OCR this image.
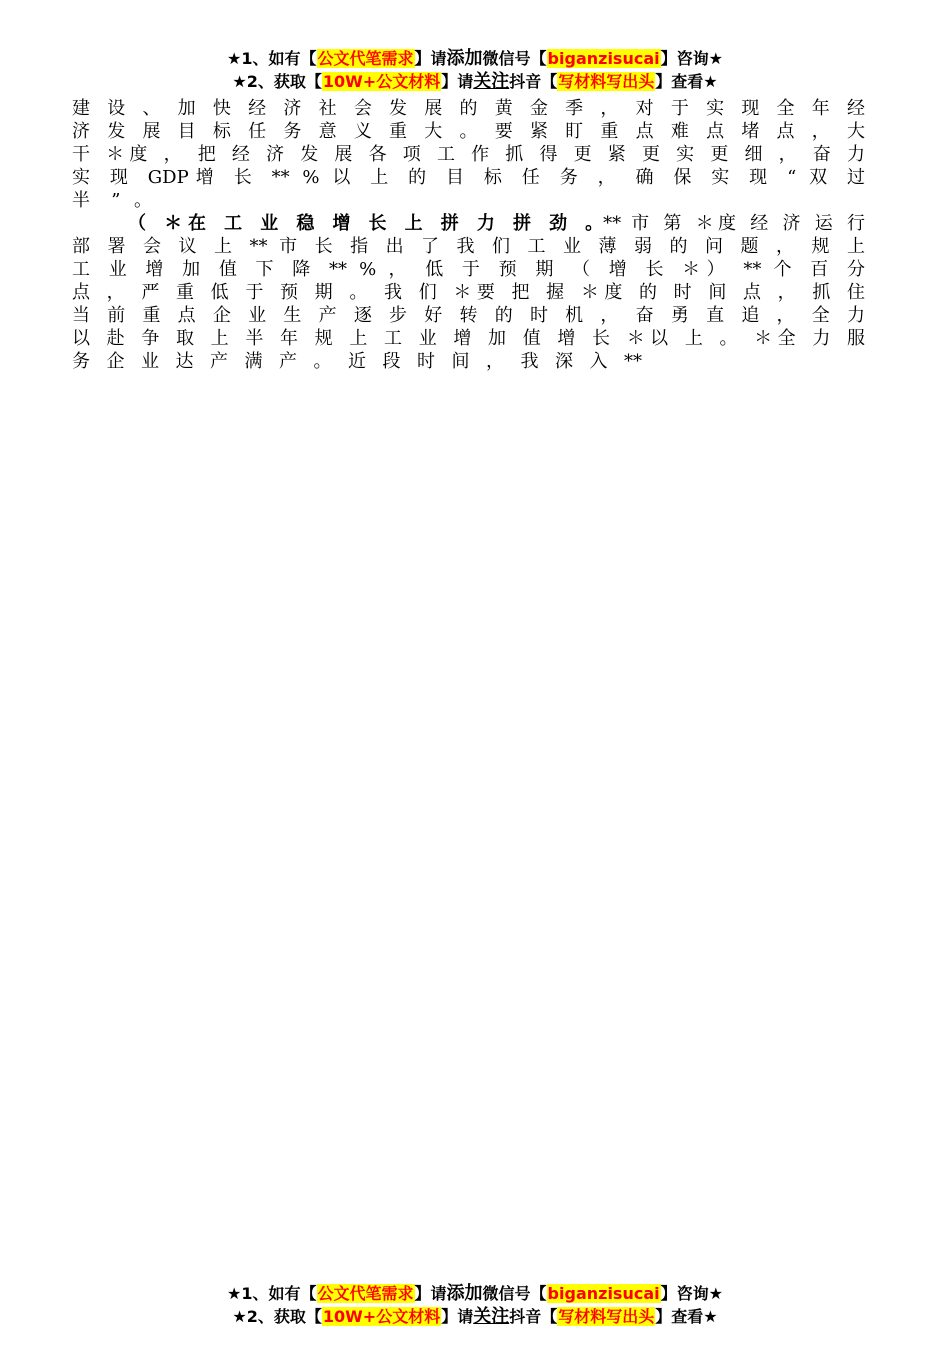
★1、如有【公文代笔需求】请添加微信号【biganzisucai】咨询★
★2、获取【10W+公文材料】请关注抖音【写材料写出头】查看★
建 设 、 加 快 经 济 社 会 发 展 的 黄 金 季 ， 对 于 实 现 全 年 经
济 发 展 目 标 任 务 意 义 重 大 。 要 紧 盯 重 点 难 点 堵 点 ， 大
干 ＊度 ， 把 经 济 发 展 各 项 工 作 抓 得 更 紧 更 实 更 细 ， 奋 力
实 现 GDP增 长 ** % 以 上 的 目 标 任 务 ， 确 保 实 现 “ 双 过
半 ” 。
（ ＊在 工 业 稳 增 长 上 拼 力 拼 劲 。 ** 市 第 ＊度 经 济 运 行
部 署 会 议 上 ** 市 长 指 出 了 我 们 工 业 薄 弱 的 问 题 ， 规 上
工 业 增 加 值 下 降 ** % ， 低 于 预 期 （ 增 长 ＊） ** 个 百 分
点 ， 严 重 低 于 预 期 。 我 们 ＊要 把 握 ＊度 的 时 间 点 ， 抓 住
当 前 重 点 企 业 生 产 逐 步 好 转 的 时 机 ， 奋 勇 直 追 ， 全 力
以 赴 争 取 上 半 年 规 上 工 业 增 加 值 增 长 ＊以 上 。 ＊全 力 服
务 企 业 达 产 满 产 。 近 段 时 间 ， 我 深 入 **
★1、如有【公文代笔需求】请添加微信号【biganzisucai】咨询★
★2、获取【10W+公文材料】请关注抖音【写材料写出头】查看★
